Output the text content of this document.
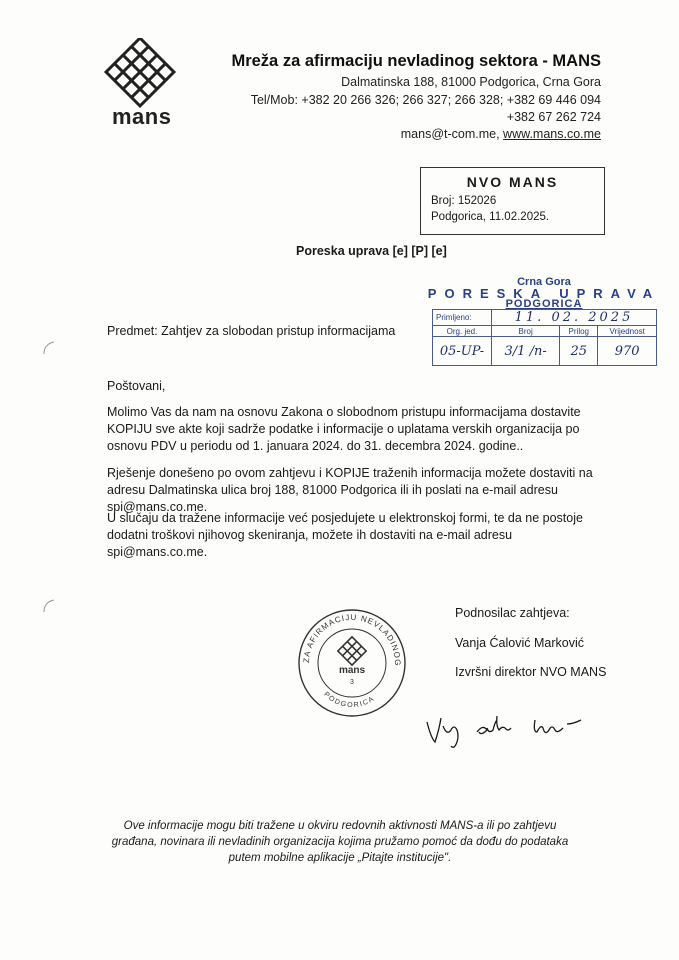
mans
Mreža za afirmaciju nevladinog sektora - MANS
Dalmatinska 188, 81000 Podgorica, Crna Gora
Tel/Mob: +382 20 266 326; 266 327; 266 328; +382 69 446 094
+382 67 262 724
mans@t-com.me, www.mans.co.me
NVO MANS
Broj: 152026
Podgorica, 11.02.2025.
Poreska uprava [e] [P] [e]
Crna Gora
PORESKA UPRAVA
PODGORICA
Primljeno:	11. 02. 2025		
Org. jed.	Broj	Prilog	Vrijednost
05-UP-	3/1 /n-	25	970
Predmet: Zahtjev za slobodan pristup informacijama
Poštovani,
Molimo Vas da nam na osnovu Zakona o slobodnom pristupu informacijama dostavite KOPIJU sve akte koji sadrže podatke i informacije o uplatama verskih organizacija po osnovu PDV u periodu od 1. januara 2024. do 31. decembra 2024. godine..
Rješenje donešeno po ovom zahtjevu i KOPIJE traženih informacija možete dostaviti na adresu Dalmatinska ulica broj 188, 81000 Podgorica ili ih poslati na e-mail adresu spi@mans.co.me.
U slučaju da tražene informacije već posjedujete u elektronskoj formi, te da ne postoje dodatni troškovi njihovog skeniranja, možete ih dostaviti na e-mail adresu spi@mans.co.me.
Podnosilac zahtjeva:
Vanja Ćalović Marković
Izvršni direktor NVO MANS
ZA AFIRMACIJU NEVLADINOG
PODGORICA
mans
3
Ove informacije mogu biti tražene u okviru redovnih aktivnosti MANS-a ili po zahtjevu građana, novinara ili nevladinih organizacija kojima pružamo pomoć da dođu do podataka putem mobilne aplikacije „Pitajte institucije".
